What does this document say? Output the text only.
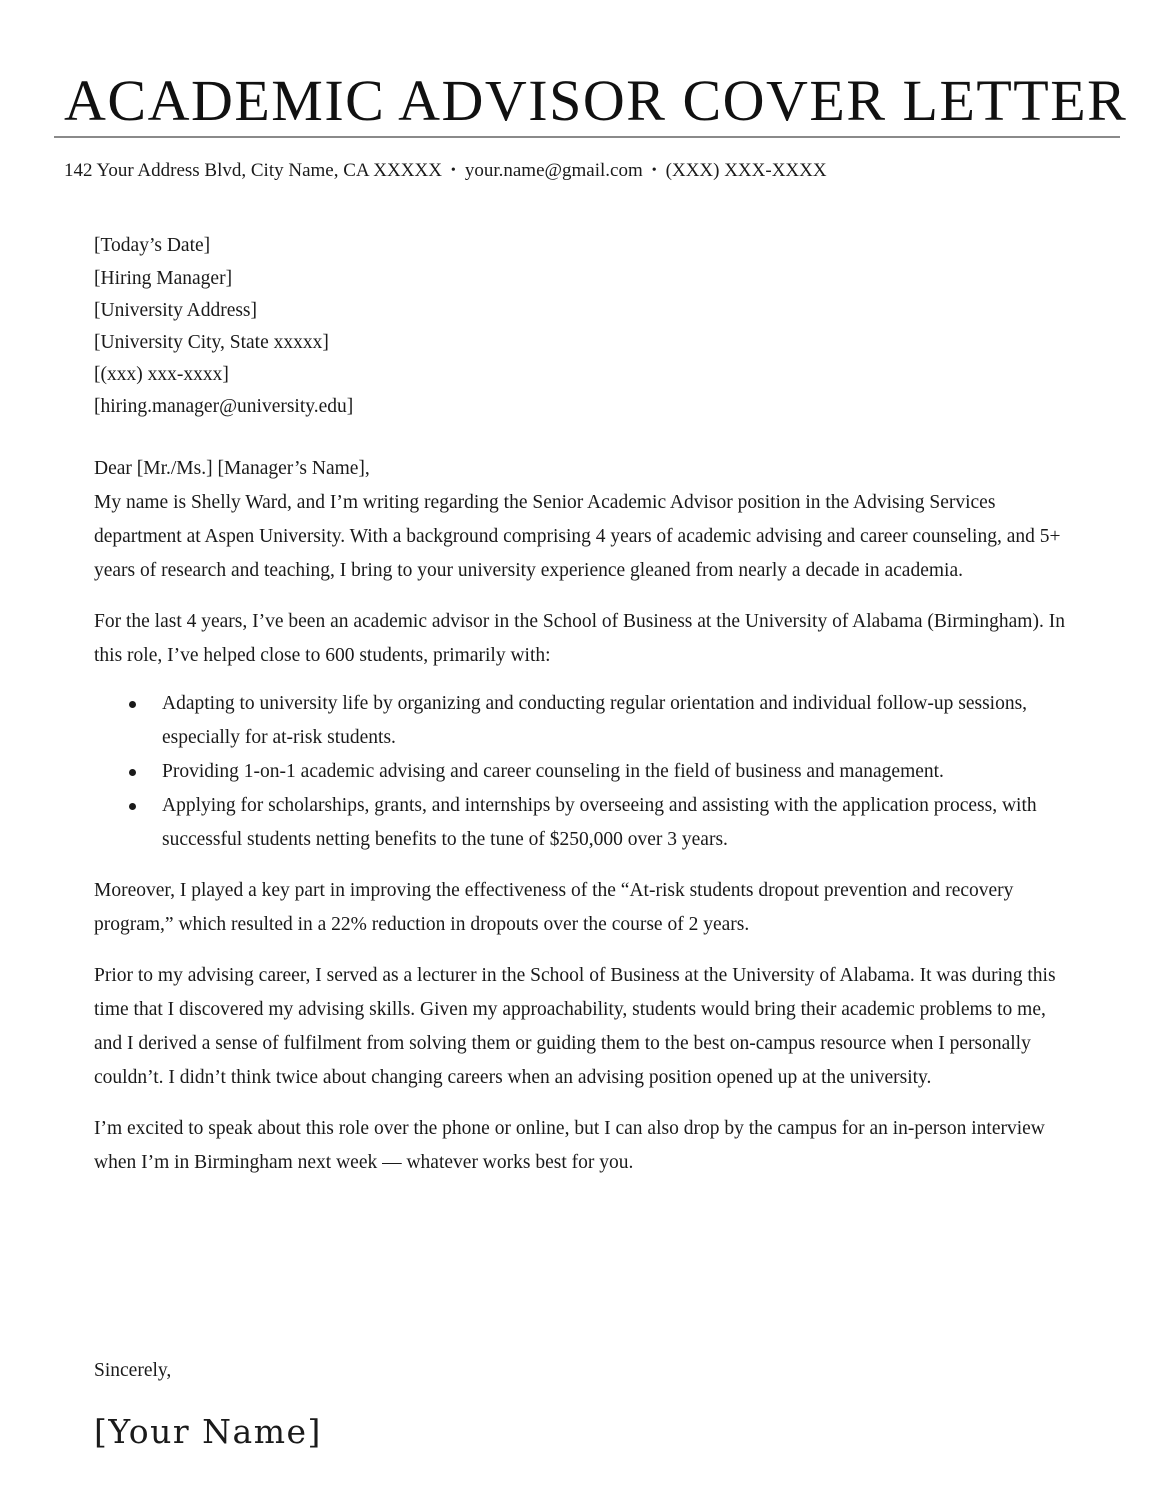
ACADEMIC ADVISOR COVER LETTER
142 Your Address Blvd, City Name, CA XXXXX • your.name@gmail.com • (XXX) XXX-XXXX

[Today’s Date]

[Hiring Manager]
[University Address]
[University City, State xxxxx]
[(xxx) xxx-xxxx]
[hiring.manager@university.edu]

Dear [Mr./Ms.] [Manager’s Name],

My name is Shelly Ward, and I’m writing regarding the Senior Academic Advisor position in the Advising Services department at Aspen University. With a background comprising 4 years of academic advising and career counseling, and 5+ years of research and teaching, I bring to your university experience gleaned from nearly a decade in academia.

For the last 4 years, I’ve been an academic advisor in the School of Business at the University of Alabama (Birmingham). In this role, I’ve helped close to 600 students, primarily with:

Adapting to university life by organizing and conducting regular orientation and individual follow-up sessions, especially for at-risk students.
Providing 1-on-1 academic advising and career counseling in the field of business and management.
Applying for scholarships, grants, and internships by overseeing and assisting with the application process, with successful students netting benefits to the tune of $250,000 over 3 years.

Moreover, I played a key part in improving the effectiveness of the “At-risk students dropout prevention and recovery program,” which resulted in a 22% reduction in dropouts over the course of 2 years.

Prior to my advising career, I served as a lecturer in the School of Business at the University of Alabama. It was during this time that I discovered my advising skills. Given my approachability, students would bring their academic problems to me, and I derived a sense of fulfilment from solving them or guiding them to the best on-campus resource when I personally couldn’t. I didn’t think twice about changing careers when an advising position opened up at the university.

I’m excited to speak about this role over the phone or online, but I can also drop by the campus for an in-person interview when I’m in Birmingham next week — whatever works best for you.

Sincerely,
[Your Name]
